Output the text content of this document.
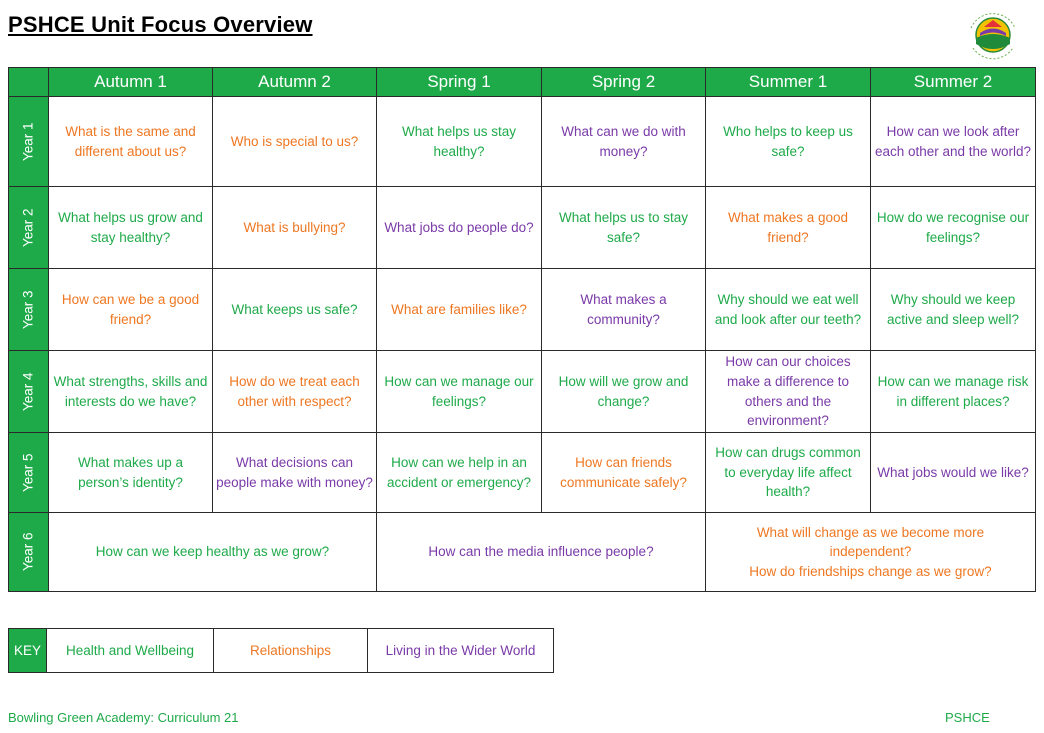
PSHCE Unit Focus Overview
	Autumn 1	Autumn 2	Spring 1	Spring 2	Summer 1	Summer 2
Year 1	What is the same and different about us?	Who is special to us?	What helps us stay healthy?	What can we do with money?	Who helps to keep us safe?	How can we look after each other and the world?
Year 2	What helps us grow and stay healthy?	What is bullying?	What jobs do people do?	What helps us to stay safe?	What makes a good friend?	How do we recognise our feelings?
Year 3	How can we be a good friend?	What keeps us safe?	What are families like?	What makes a community?	Why should we eat well and look after our teeth?	Why should we keep active and sleep well?
Year 4	What strengths, skills and interests do we have?	How do we treat each other with respect?	How can we manage our feelings?	How will we grow and change?	How can our choices make a difference to others and the environment?	How can we manage risk in different places?
Year 5	What makes up a person’s identity?	What decisions can people make with money?	How can we help in an accident or emergency?	How can friends communicate safely?	How can drugs common to everyday life affect health?	What jobs would we like?
Year 6	How can we keep healthy as we grow?		How can the media influence people?		What will change as we become more independent?
How do friendships change as we grow?	
KEY	Health and Wellbeing	Relationships	Living in the Wider World
Bowling Green Academy: Curriculum 21	PSHCE
